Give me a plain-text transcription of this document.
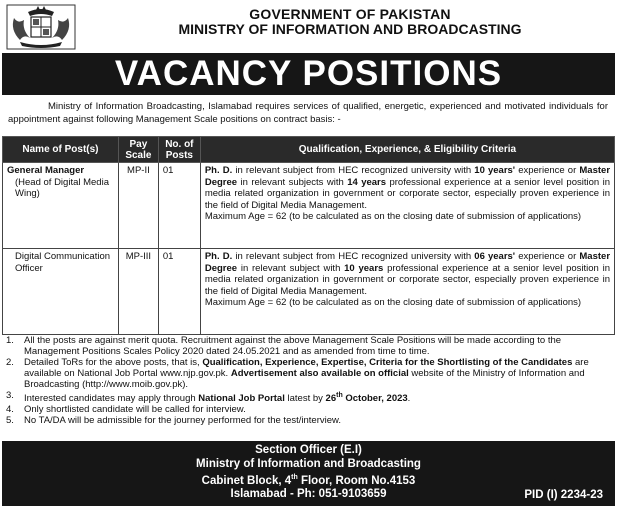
GOVERNMENT OF PAKISTAN
MINISTRY OF INFORMATION AND BROADCASTING
VACANCY POSITIONS

Ministry of Information Broadcasting, Islamabad requires services of qualified, energetic, experienced and motivated individuals for appointment against following Management Scale positions on contract basis: -

Name of Post(s)	Pay Scale	No. of Posts	Qualification, Experience, & Eligibility Criteria
General Manager
(Head of Digital Media Wing)	MP-II	01	Ph. D. in relevant subject from HEC recognized university with 10 years' experience or Master Degree in relevant subjects with 14 years professional experience at a senior level position in media related organization in government or corporate sector, especially proven experience in the field of Digital Media Management.
Maximum Age = 62 (to be calculated as on the closing date of submission of applications)

Digital Communication Officer	MP-III	01	Ph. D. in relevant subject from HEC recognized university with 06 years' experience or Master Degree in relevant subject with 10 years professional experience at a senior level position in media related organization in government or corporate sector, especially proven experience in the field of Digital Media Management.
Maximum Age = 62 (to be calculated as on the closing date of submission of applications)
1.	All the posts are against merit quota. Recruitment against the above Management Scale Positions will be made according to the Management Positions Scales Policy 2020 dated 24.05.2021 and as amended from time to time.
2.	Detailed ToRs for the above posts, that is, Qualification, Experience, Expertise, Criteria for the Shortlisting of the Candidates are available on National Job Portal www.njp.gov.pk. Advertisement also available on official website of the Ministry of Information and Broadcasting (http://www.moib.gov.pk).
3.	Interested candidates may apply through National Job Portal latest by 26th October, 2023.
4.	Only shortlisted candidate will be called for interview.
5.	No TA/DA will be admissible for the journey performed for the test/interview.
Section Officer (E.I)
Ministry of Information and Broadcasting
Cabinet Block, 4th Floor, Room No.4153
Islamabad - Ph: 051-9103659	PID (I) 2234-23
